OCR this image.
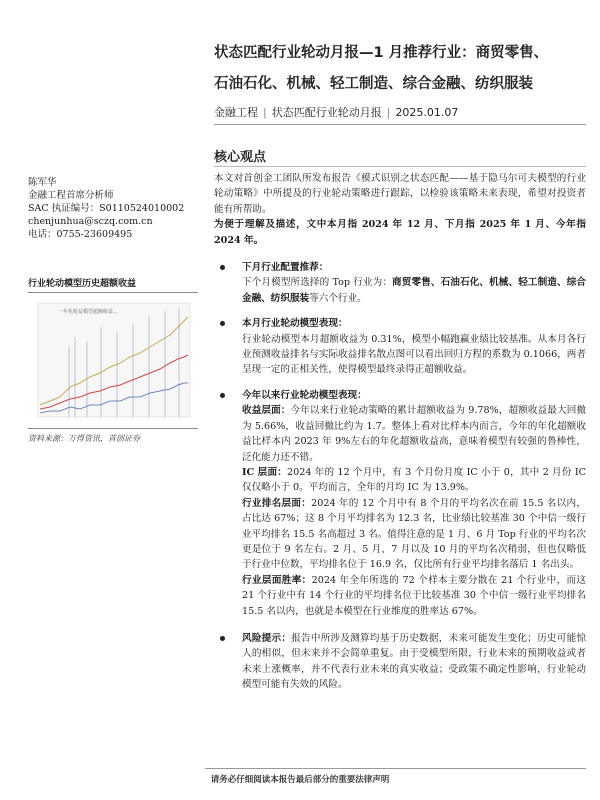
状态匹配行业轮动月报—1 月推荐行业：商贸零售、
石油石化、机械、轻工制造、综合金融、纺织服装
金融工程 | 状态匹配行业轮动月报 | 2025.01.07
核心观点
陈军华
金融工程首席分析师
SAC 执证编号：S0110524010002
chenjunhua@sczq.com.cn
电话：0755-23609495
行业轮动模型历史超额收益
一年化收益模型超额收益...
资料来源：万得资讯，首创证券

本文对首创金工团队所发布报告《模式识别之状态匹配——基于隐马尔可夫模型的行业轮动策略》中所提及的行业轮动策略进行跟踪，以检验该策略未来表现，希望对投资者能有所帮助。

为便于理解及描述，文中本月指 2024 年 12 月、下月指 2025 年 1 月、今年指 2024 年。

下月行业配置推荐：

下个月模型所选择的 Top 行业为：商贸零售、石油石化、机械、轻工制造、综合金融、纺织服装等六个行业。

本月行业轮动模型表现：

行业轮动模型本月超额收益为 0.31%，模型小幅跑赢业绩比较基准。从本月各行业预测收益排名与实际收益排名散点图可以看出回归方程的系数为 0.1066，两者呈现一定的正相关性，使得模型最终录得正超额收益。

今年以来行业轮动模型表现：

收益层面：今年以来行业轮动策略的累计超额收益为 9.78%，超额收益最大回撤为 5.66%，收益回撤比约为 1.7。整体上看对比样本内而言，今年的年化超额收益比样本内 2023 年 9%左右的年化超额收益高，意味着模型有较强的鲁棒性，泛化能力还不错。

IC 层面：2024 年的 12 个月中，有 3 个月份月度 IC 小于 0，其中 2 月份 IC 仅仅略小于 0。平均而言，全年的月均 IC 为 13.9%。

行业排名层面：2024 年的 12 个月中有 8 个月的平均名次在前 15.5 名以内，占比达 67%；这 8 个月平均排名为 12.3 名，比业绩比较基准 30 个中信一级行业平均排名 15.5 名高超过 3 名。值得注意的是 1 月、6 月 Top 行业的平均名次更是位于 9 名左右。2 月、5 月、7 月以及 10 月的平均名次稍弱，但也仅略低于行业中位数，平均排名位于 16.9 名，仅比所有行业平均排名落后 1 名出头。

行业层面胜率：2024 年全年所选的 72 个样本主要分散在 21 个行业中，而这 21 个行业中有 14 个行业的平均排名位于比较基准 30 个中信一级行业平均排名 15.5 名以内，也就是本模型在行业维度的胜率达 67%。

风险提示：报告中所涉及测算均基于历史数据，未来可能发生变化；历史可能惊人的相似，但未来并不会简单重复。由于受模型所限，行业未来的预期收益或者未来上涨概率，并不代表行业未来的真实收益；受政策不确定性影响，行业轮动模型可能有失效的风险。

请务必仔细阅读本报告最后部分的重要法律声明
